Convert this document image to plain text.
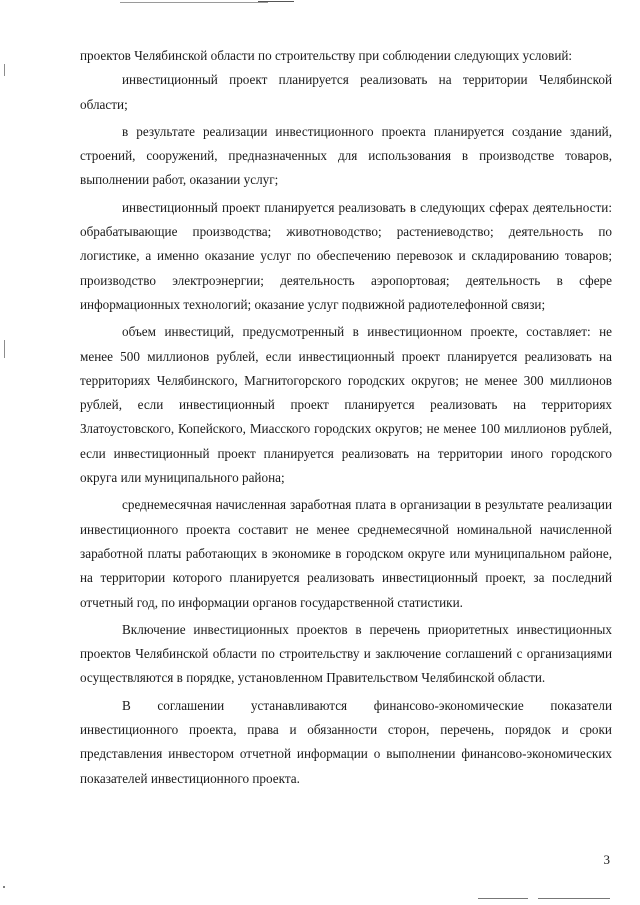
проектов Челябинской области по строительству при соблюдении следующих условий:

инвестиционный проект планируется реализовать на территории Челябинской области;

в результате реализации инвестиционного проекта планируется создание зданий, строений, сооружений, предназначенных для использования в производстве товаров, выполнении работ, оказании услуг;

инвестиционный проект планируется реализовать в следующих сферах деятельности: обрабатывающие производства; животноводство; растениеводство; деятельность по логистике, а именно оказание услуг по обеспечению перевозок и складированию товаров; производство электроэнергии; деятельность аэропортовая; деятельность в сфере информационных технологий; оказание услуг подвижной радиотелефонной связи;

объем инвестиций, предусмотренный в инвестиционном проекте, составляет: не менее 500 миллионов рублей, если инвестиционный проект планируется реализовать на территориях Челябинского, Магнитогорского городских округов; не менее 300 миллионов рублей, если инвестиционный проект планируется реализовать на территориях Златоустовского, Копейского, Миасского городских округов; не менее 100 миллионов рублей, если инвестиционный проект планируется реализовать на территории иного городского округа или муниципального района;

среднемесячная начисленная заработная плата в организации в результате реализации инвестиционного проекта составит не менее среднемесячной номинальной начисленной заработной платы работающих в экономике в городском округе или муниципальном районе, на территории которого планируется реализовать инвестиционный проект, за последний отчетный год, по информации органов государственной статистики.

Включение инвестиционных проектов в перечень приоритетных инвестиционных проектов Челябинской области по строительству и заключение соглашений с организациями осуществляются в порядке, установленном Правительством Челябинской области.

В соглашении устанавливаются финансово-экономические показатели инвестиционного проекта, права и обязанности сторон, перечень, порядок и сроки представления инвестором отчетной информации о выполнении финансово-экономических показателей инвестиционного проекта.

3
